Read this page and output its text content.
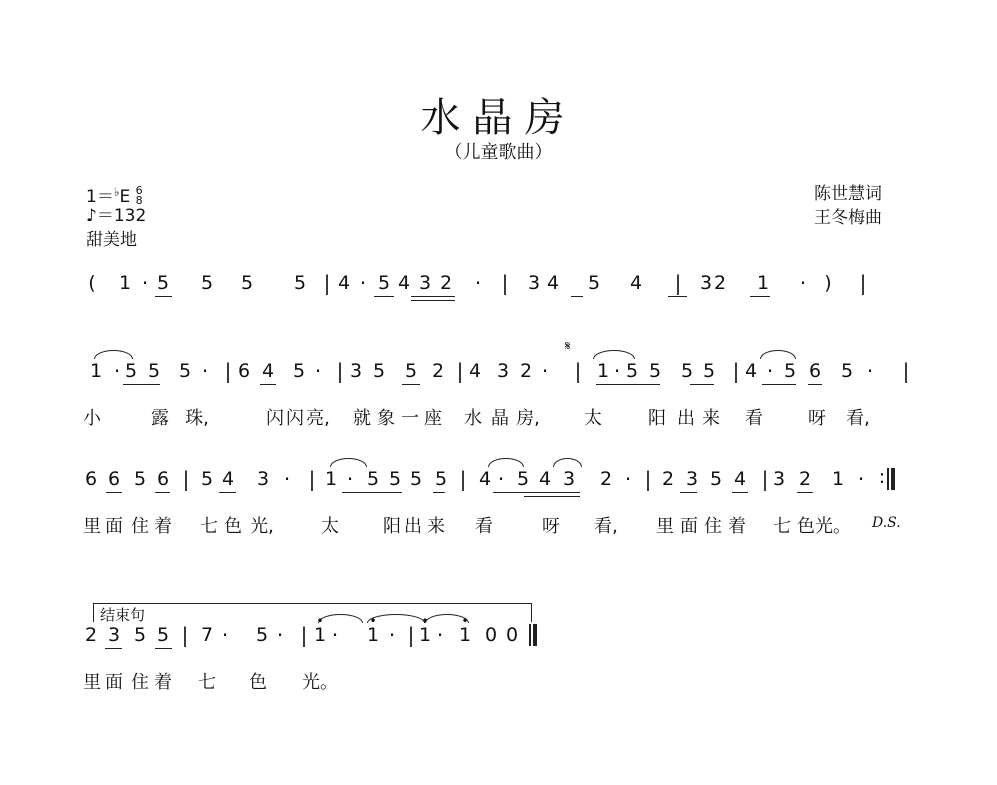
水晶房
（儿童歌曲）
1＝♭E 6
8
♪＝132
甜美地
陈世慧词
王冬梅曲
( 1 · 5 5 5 5 | 4 · 5 4 3 2 · | 3 4 5 4 | 3 2 1 · ) |
1 · 5 5 5 · | 6 4 5 · | 3 5 5 2 | 4 3 2 · | 1 · 5 5 5 5 | 4 · 5 6 5 · |
小	露 珠,	闪 闪 亮, 就 象 一 座 水 晶 房, 太	阳 出 来 看	呀 看,
𝄋
6 6 5 6 | 5 4 3 · | 1 · 5 5 5 5 | 4 · 5 4 3 2 · | 2 3 5 4 | 3 2 1 · :
里 面 住 着 七 色 光,	太 阳 出 来 看	呀 看, 里 面 住 着 七 色 光。 D.S.
结束句
2 3 5 5 | 7 · 5 · | 1 · 1 · | 1 · 1 0 0
•	•	•	•
里 面 住 着 七 色 光。
